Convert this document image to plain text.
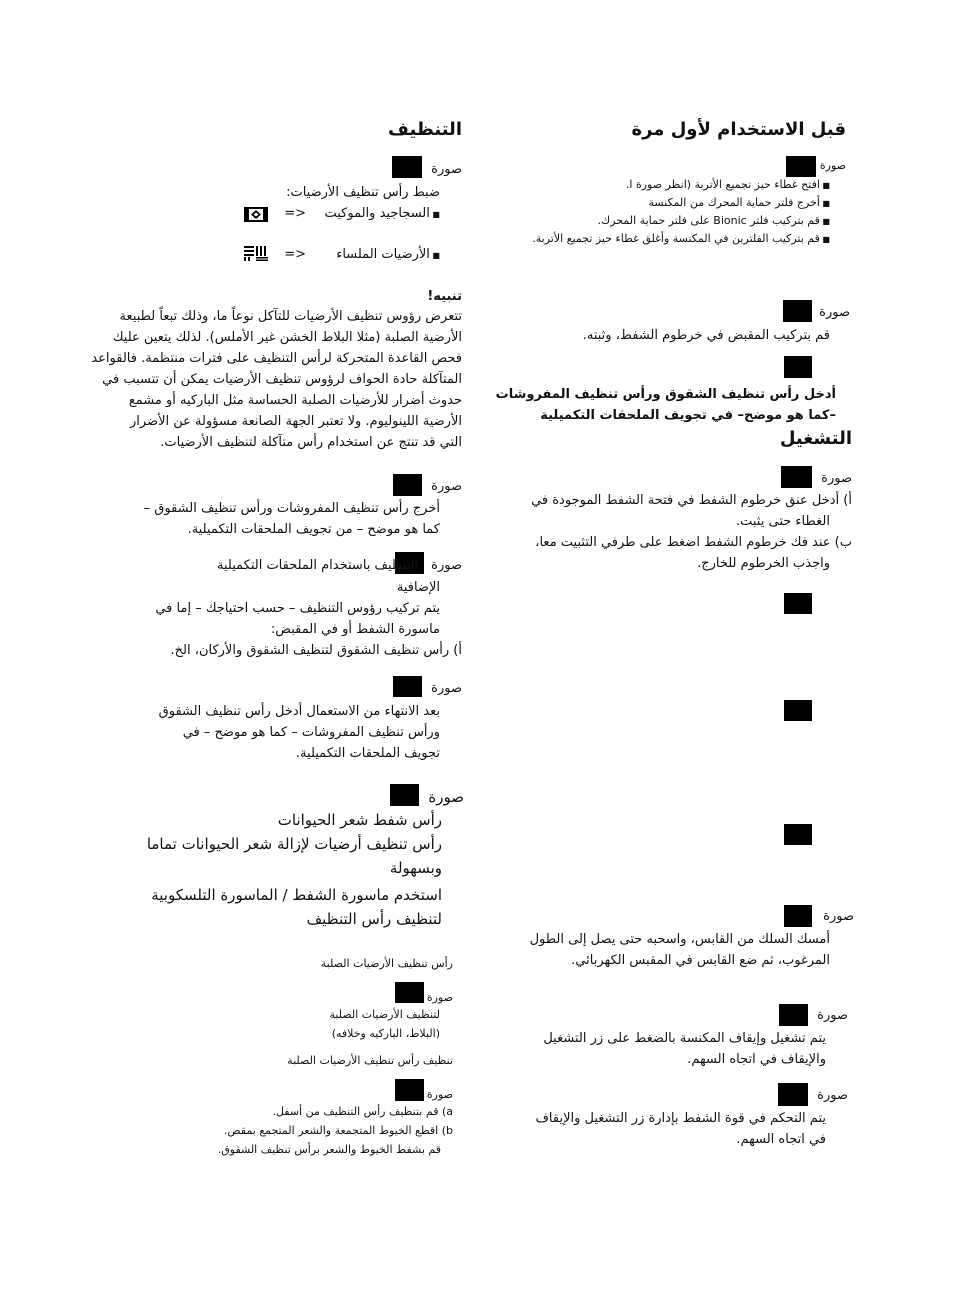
قبل الاستخدام لأول مرة
صورة
■ افتح غطاء حيز تجميع الأتربة (انظر صورة ا.
■ أخرج فلتر حماية المحرك من المكنسة
■ قم بتركيب فلتر Bionic على فلتر حماية المحرك.
■ قم بتركيب الفلترين في المكنسة وأغلق غطاء حيز تجميع الأتربة.
صورة
قم بتركيب المقبض في خرطوم الشفط، وثبته.
أدخل رأس تنظيف الشقوق ورأس تنظيف المفروشات
–كما هو موضح– في تجويف الملحقات التكميلية
التشغيل
صورة
أ) أدخل عنق خرطوم الشفط في فتحة الشفط الموجودة في
الغطاء حتى يثبت.
ب) عند فك خرطوم الشفط اضغط على طرفي التثبيت معا،
واجذب الخرطوم للخارج.
صورة
أمسك السلك من القابس، واسحبه حتى يصل إلى الطول
المرغوب، ثم ضع القابس في المقبس الكهربائي.
صورة
يتم تشغيل وإيقاف المكنسة بالضغط على زر التشغيل
والإيقاف في اتجاه السهم.
صورة
يتم التحكم في قوة الشفط بإدارة زر التشغيل والإيقاف
في اتجاه السهم.
التنظيف
صورة
ضبط رأس تنظيف الأرضيات:
■ السجاجيد والموكيت
<=
■ الأرضيات الملساء
<=
تنبيه!
تتعرض رؤوس تنظيف الأرضيات للتآكل نوعاً ما، وذلك تبعاً لطبيعة
الأرضية الصلبة (مثلا البلاط الخشن غير الأملس). لذلك يتعين عليك
فحص القاعدة المتحركة لرأس التنظيف على فترات منتظمة. فالقواعد
المتآكلة حادة الحواف لرؤوس تنظيف الأرضيات يمكن أن تتسبب في
حدوث أضرار للأرضيات الصلبة الحساسة مثل الباركيه أو مشمع
الأرضية اللينوليوم. ولا تعتبر الجهة الصانعة مسؤولة عن الأضرار
التي قد تنتج عن استخدام رأس متآكلة لتنظيف الأرضيات.
صورة
أخرج رأس تنظيف المفروشات ورأس تنظيف الشقوق –
كما هو موضح – من تجويف الملحقات التكميلية.
صورة
التنظيف باستخدام الملحقات التكميلية
الإضافية
يتم تركيب رؤوس التنظيف – حسب احتياجك – إما في
ماسورة الشفط أو في المقبض:
أ) رأس تنظيف الشقوق لتنظيف الشقوق والأركان، الخ.
صورة
بعد الانتهاء من الاستعمال أدخل رأس تنظيف الشقوق
ورأس تنظيف المفروشات – كما هو موضح – في
تجويف الملحقات التكميلية.
صورة
رأس شفط شعر الحيوانات
رأس تنظيف أرضيات لإزالة شعر الحيوانات تماما
وبسهولة
استخدم ماسورة الشفط / الماسورة التلسكوبية
لتنظيف رأس التنظيف
رأس تنظيف الأرضيات الصلبة
صورة
لتنظيف الأرضيات الصلبة
(البلاط، الباركيه وخلافه)
تنظيف رأس تنظيف الأرضيات الصلبة
صورة
a) قم بتنظيف رأس التنظيف من أسفل.
b) اقطع الخيوط المتجمعة والشعر المتجمع بمقص.
قم بشفط الخيوط والشعر برأس تنظيف الشقوق.
